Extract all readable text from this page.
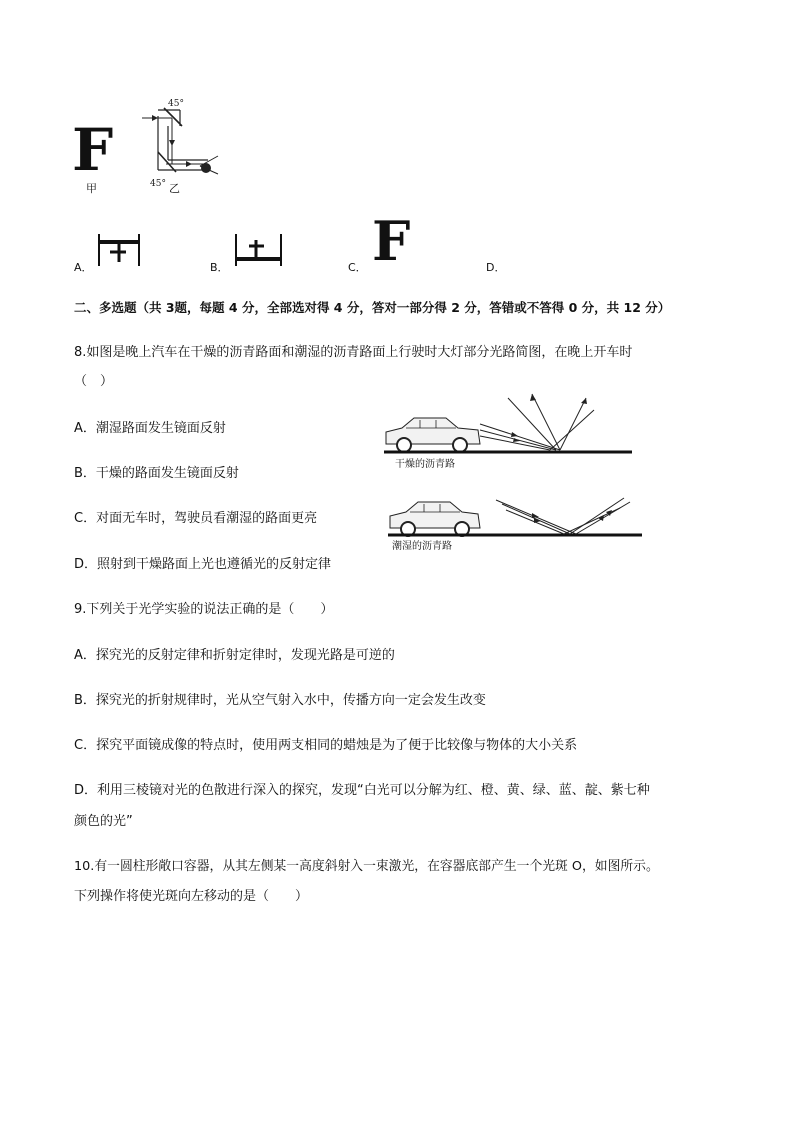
F
甲
45°
45° 乙
A．	B．	C． F	D．
二、多选题（共 3题，每题 4 分，全部选对得 4 分，答对一部分得 2 分，答错或不答得 0 分，共 12 分）
8.如图是晚上汽车在干燥的沥青路面和潮湿的沥青路面上行驶时大灯部分光路简图，在晚上开车时
（　）
A．潮湿路面发生镜面反射
B．干燥的路面发生镜面反射
C．对面无车时，驾驶员看潮湿的路面更亮
D．照射到干燥路面上光也遵循光的反射定律
干燥的沥青路
潮湿的沥青路
9.下列关于光学实验的说法正确的是（　　）
A．探究光的反射定律和折射定律时，发现光路是可逆的
B．探究光的折射规律时，光从空气射入水中，传播方向一定会发生改变
C．探究平面镜成像的特点时，使用两支相同的蜡烛是为了便于比较像与物体的大小关系
D．利用三棱镜对光的色散进行深入的探究，发现“白光可以分解为红、橙、黄、绿、蓝、靛、紫七种
颜色的光”
10.有一圆柱形敞口容器，从其左侧某一高度斜射入一束激光，在容器底部产生一个光斑 O，如图所示。
下列操作将使光斑向左移动的是（　　）
